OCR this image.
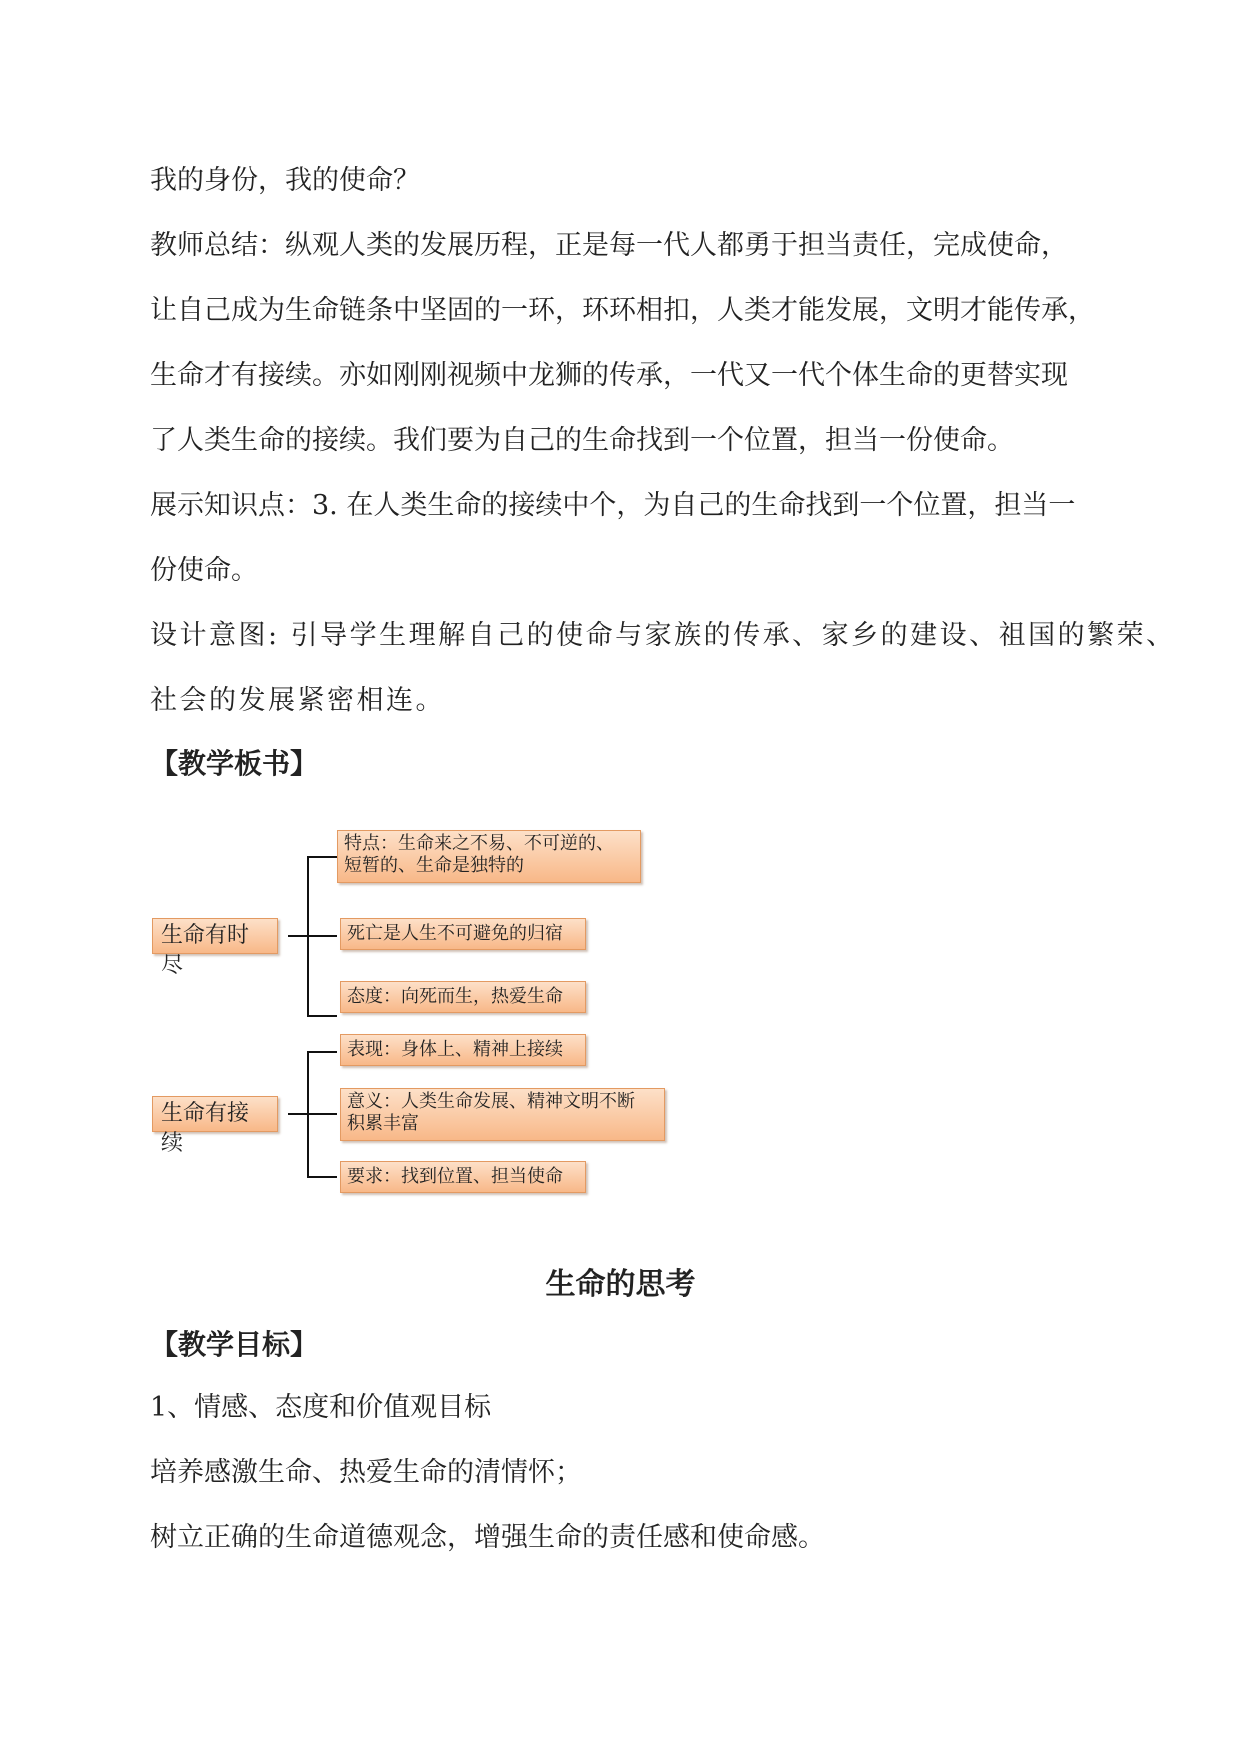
我的身份，我的使命？
教师总结：纵观人类的发展历程，正是每一代人都勇于担当责任，完成使命，
让自己成为生命链条中坚固的一环，环环相扣，人类才能发展，文明才能传承，
生命才有接续。亦如刚刚视频中龙狮的传承，一代又一代个体生命的更替实现
了人类生命的接续。我们要为自己的生命找到一个位置，担当一份使命。
展示知识点：3. 在人类生命的接续中个，为自己的生命找到一个位置，担当一
份使命。
设计意图: 引导学生理解自己的使命与家族的传承、家乡的建设、祖国的繁荣、
社会的发展紧密相连。
【教学板书】
生命有时尽
特点：生命来之不易、不可逆的、
短暂的、生命是独特的
死亡是人生不可避免的归宿
态度：向死而生，热爱生命
生命有接续
表现：身体上、精神上接续
意义：人类生命发展、精神文明不断
积累丰富
要求：找到位置、担当使命
生命的思考
【教学目标】
1、情感、态度和价值观目标
培养感激生命、热爱生命的清情怀；
树立正确的生命道德观念，增强生命的责任感和使命感。
